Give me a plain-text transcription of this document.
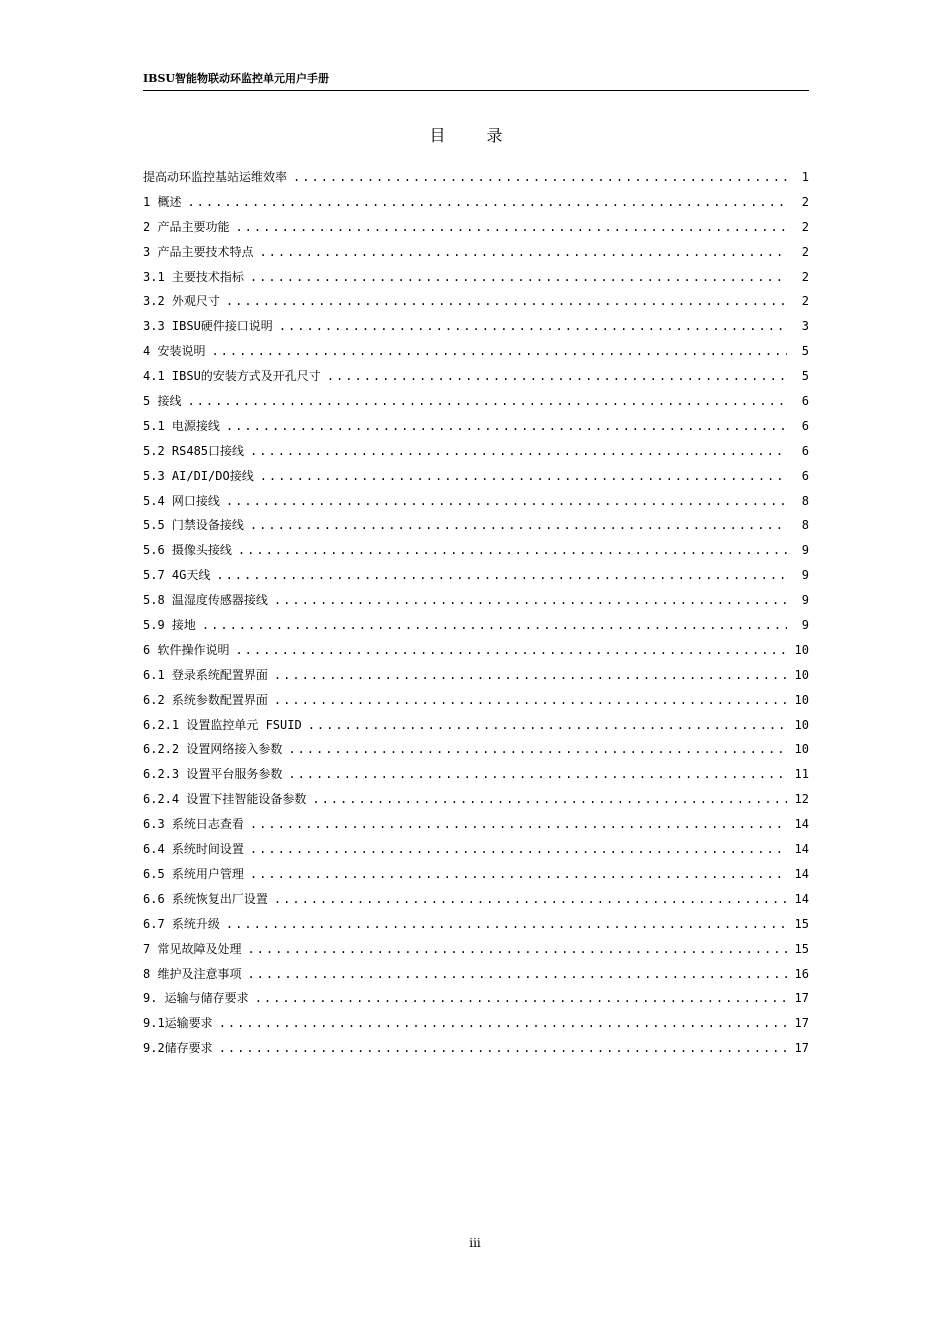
IBSU智能物联动环监控单元用户手册
目 录
提高动环监控基站运维效率 .....	1
1 概述 .....	2
2 产品主要功能 .....	2
3 产品主要技术特点 .....	2
3.1 主要技术指标 .....	2
3.2 外观尺寸 .....	2
3.3 IBSU硬件接口说明 .....	3
4 安装说明 .....	5
4.1 IBSU的安装方式及开孔尺寸 .....	5
5 接线 .....	6
5.1 电源接线 .....	6
5.2 RS485口接线 .....	6
5.3 AI/DI/DO接线 .....	6
5.4 网口接线 .....	8
5.5 门禁设备接线 .....	8
5.6 摄像头接线 .....	9
5.7 4G天线 .....	9
5.8 温湿度传感器接线 .....	9
5.9 接地 .....	9
6 软件操作说明 .....	10
6.1 登录系统配置界面 .....	10
6.2 系统参数配置界面 .....	10
6.2.1 设置监控单元 FSUID .....	10
6.2.2 设置网络接入参数 .....	10
6.2.3 设置平台服务参数 .....	11
6.2.4 设置下挂智能设备参数 .....	12
6.3 系统日志查看 .....	14
6.4 系统时间设置 .....	14
6.5 系统用户管理 .....	14
6.6 系统恢复出厂设置 .....	14
6.7 系统升级 .....	15
7 常见故障及处理 .....	15
8 维护及注意事项 .....	16
9. 运输与储存要求 .....	17
9.1运输要求 .....	17
9.2储存要求 .....	17
iii
